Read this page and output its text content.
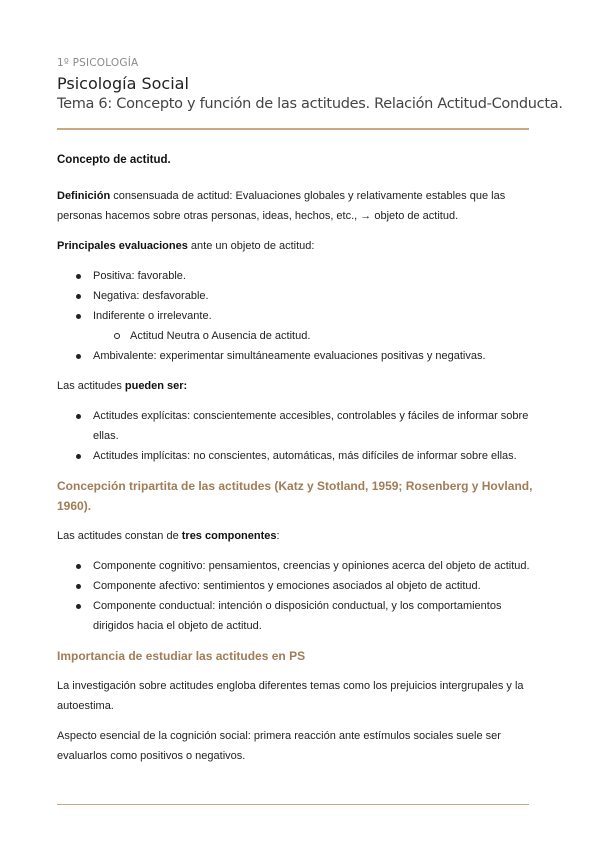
1º PSICOLOGÍA
Psicología Social
Tema 6: Concepto y función de las actitudes. Relación Actitud-Conducta.
Concepto de actitud.

Definición consensuada de actitud: Evaluaciones globales y relativamente estables que las personas hacemos sobre otras personas, ideas, hechos, etc., → objeto de actitud.

Principales evaluaciones ante un objeto de actitud:

Positiva: favorable.
Negativa: desfavorable.
Indiferente o irrelevante.
Actitud Neutra o Ausencia de actitud.
Ambivalente: experimentar simultáneamente evaluaciones positivas y negativas.

Las actitudes pueden ser:

Actitudes explícitas: conscientemente accesibles, controlables y fáciles de informar sobre ellas.
Actitudes implícitas: no conscientes, automáticas, más difíciles de informar sobre ellas.
Concepción tripartita de las actitudes (Katz y Stotland, 1959; Rosenberg y Hovland, 1960).

Las actitudes constan de tres componentes:

Componente cognitivo: pensamientos, creencias y opiniones acerca del objeto de actitud.
Componente afectivo: sentimientos y emociones asociados al objeto de actitud.
Componente conductual: intención o disposición conductual, y los comportamientos dirigidos hacia el objeto de actitud.
Importancia de estudiar las actitudes en PS

La investigación sobre actitudes engloba diferentes temas como los prejuicios intergrupales y la autoestima.

Aspecto esencial de la cognición social: primera reacción ante estímulos sociales suele ser evaluarlos como positivos o negativos.
